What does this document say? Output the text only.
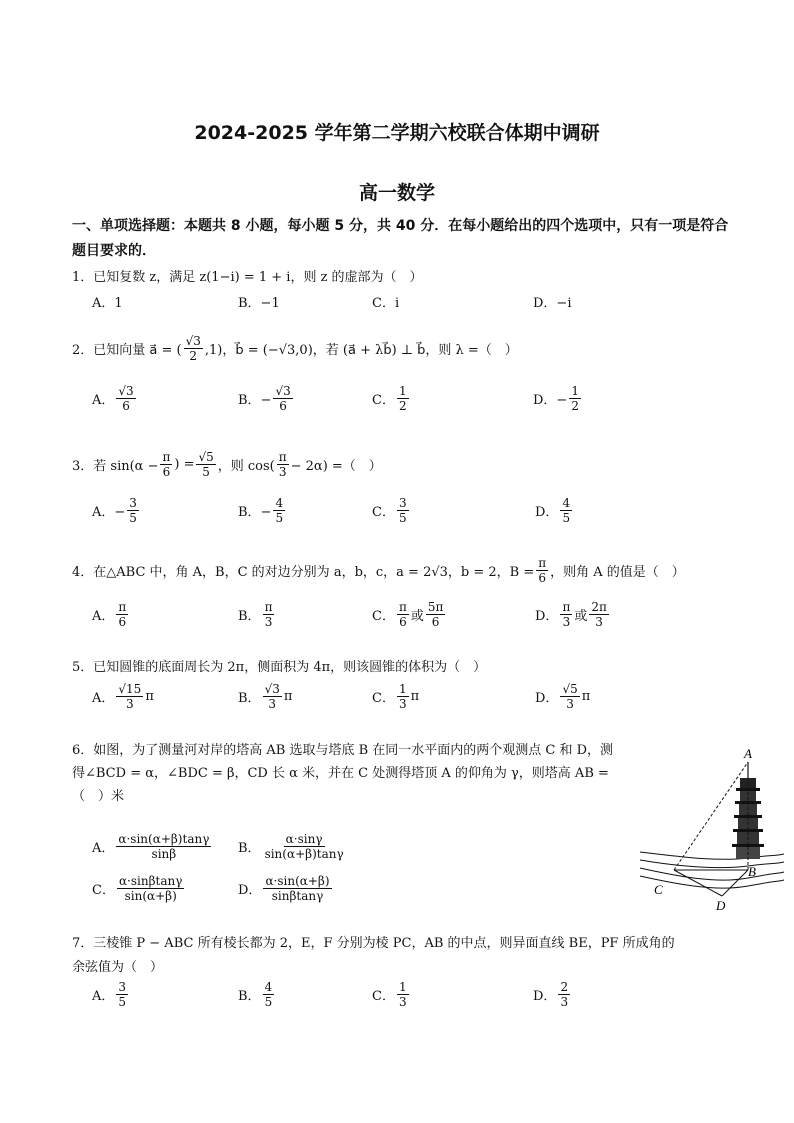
2024-2025 学年第二学期六校联合体期中调研
高一数学
一、单项选择题：本题共 8 小题，每小题 5 分，共 40 分．在每小题给出的四个选项中，只有一项是符合题目要求的．
1．已知复数 z，满足 z(1−i) = 1 + i，则 z 的虚部为（　）
A．1	B．−1	C．i	D．−i
2．已知向量 a⃗ = ( $\frac{√3}{2} ,1$)，b⃗ = (−√3,0)，若 (a⃗ + λb⃗) ⊥ b⃗，则 λ =（　）
A． $\frac{√3}{6}$	B．− $\frac{√3}{6}$	C． $\frac{1}{2}$	D．− $\frac{1}{2}$
3．若 $\sin(\alpha - \frac{\pi}{6}$ ) = $\frac{√5}{5}$ ，则 $\cos( \frac{\pi}{3} - 2\alpha)$ =（　）
A．− $\frac{3}{5}$	B．− $\frac{4}{5}$	C． $\frac{3}{5}$	D． $\frac{4}{5}$
4．在△ABC 中，角 A，B，C 的对边分别为 a，b，c，a = 2√3，b = 2，$B = \frac{\pi}{6}$ ，则角 A 的值是（　）
A． $\frac{\pi}{6}$	B． $\frac{\pi}{3}$	C． $\frac{\pi}{6}$ 或 $\frac{5\pi}{6}$	D． $\frac{\pi}{3}$ 或 $\frac{2\pi}{3}$
5．已知圆锥的底面周长为 2π，侧面积为 4π，则该圆锥的体积为（　）
A． $\frac{√15}{3}$ π	B． $\frac{√3}{3}$ π	C． $\frac{1}{3}$ π	D． $\frac{√5}{3}$ π
6．如图，为了测量河对岸的塔高 AB 选取与塔底 B 在同一水平面内的两个观测点 C 和 D，测
得∠BCD = α，∠BDC = β，CD 长 α 米，并在 C 处测得塔顶 A 的仰角为 γ，则塔高 AB =
（　）米
A． $\frac{\alpha\cdot\sin(\alpha+\beta)\tan\gamma}{\sin\beta}$ B． $\frac{\alpha\cdot\sin\gamma}{\sin(\alpha+\beta)\tan\gamma}$
C． $\frac{\alpha\cdot\sin\beta\tan\gamma}{\sin(\alpha+\beta)}$	D． $\frac{\alpha\cdot\sin(\alpha+\beta)}{\sin\beta\tan\gamma}$
A
B
C
D
7．三棱锥 P − ABC 所有棱长都为 2，E，F 分别为棱 PC，AB 的中点，则异面直线 BE，PF 所成角的
余弦值为（　）
A． $\frac{3}{5}$	B． $\frac{4}{5}$	C． $\frac{1}{3}$	D． $\frac{2}{3}$
